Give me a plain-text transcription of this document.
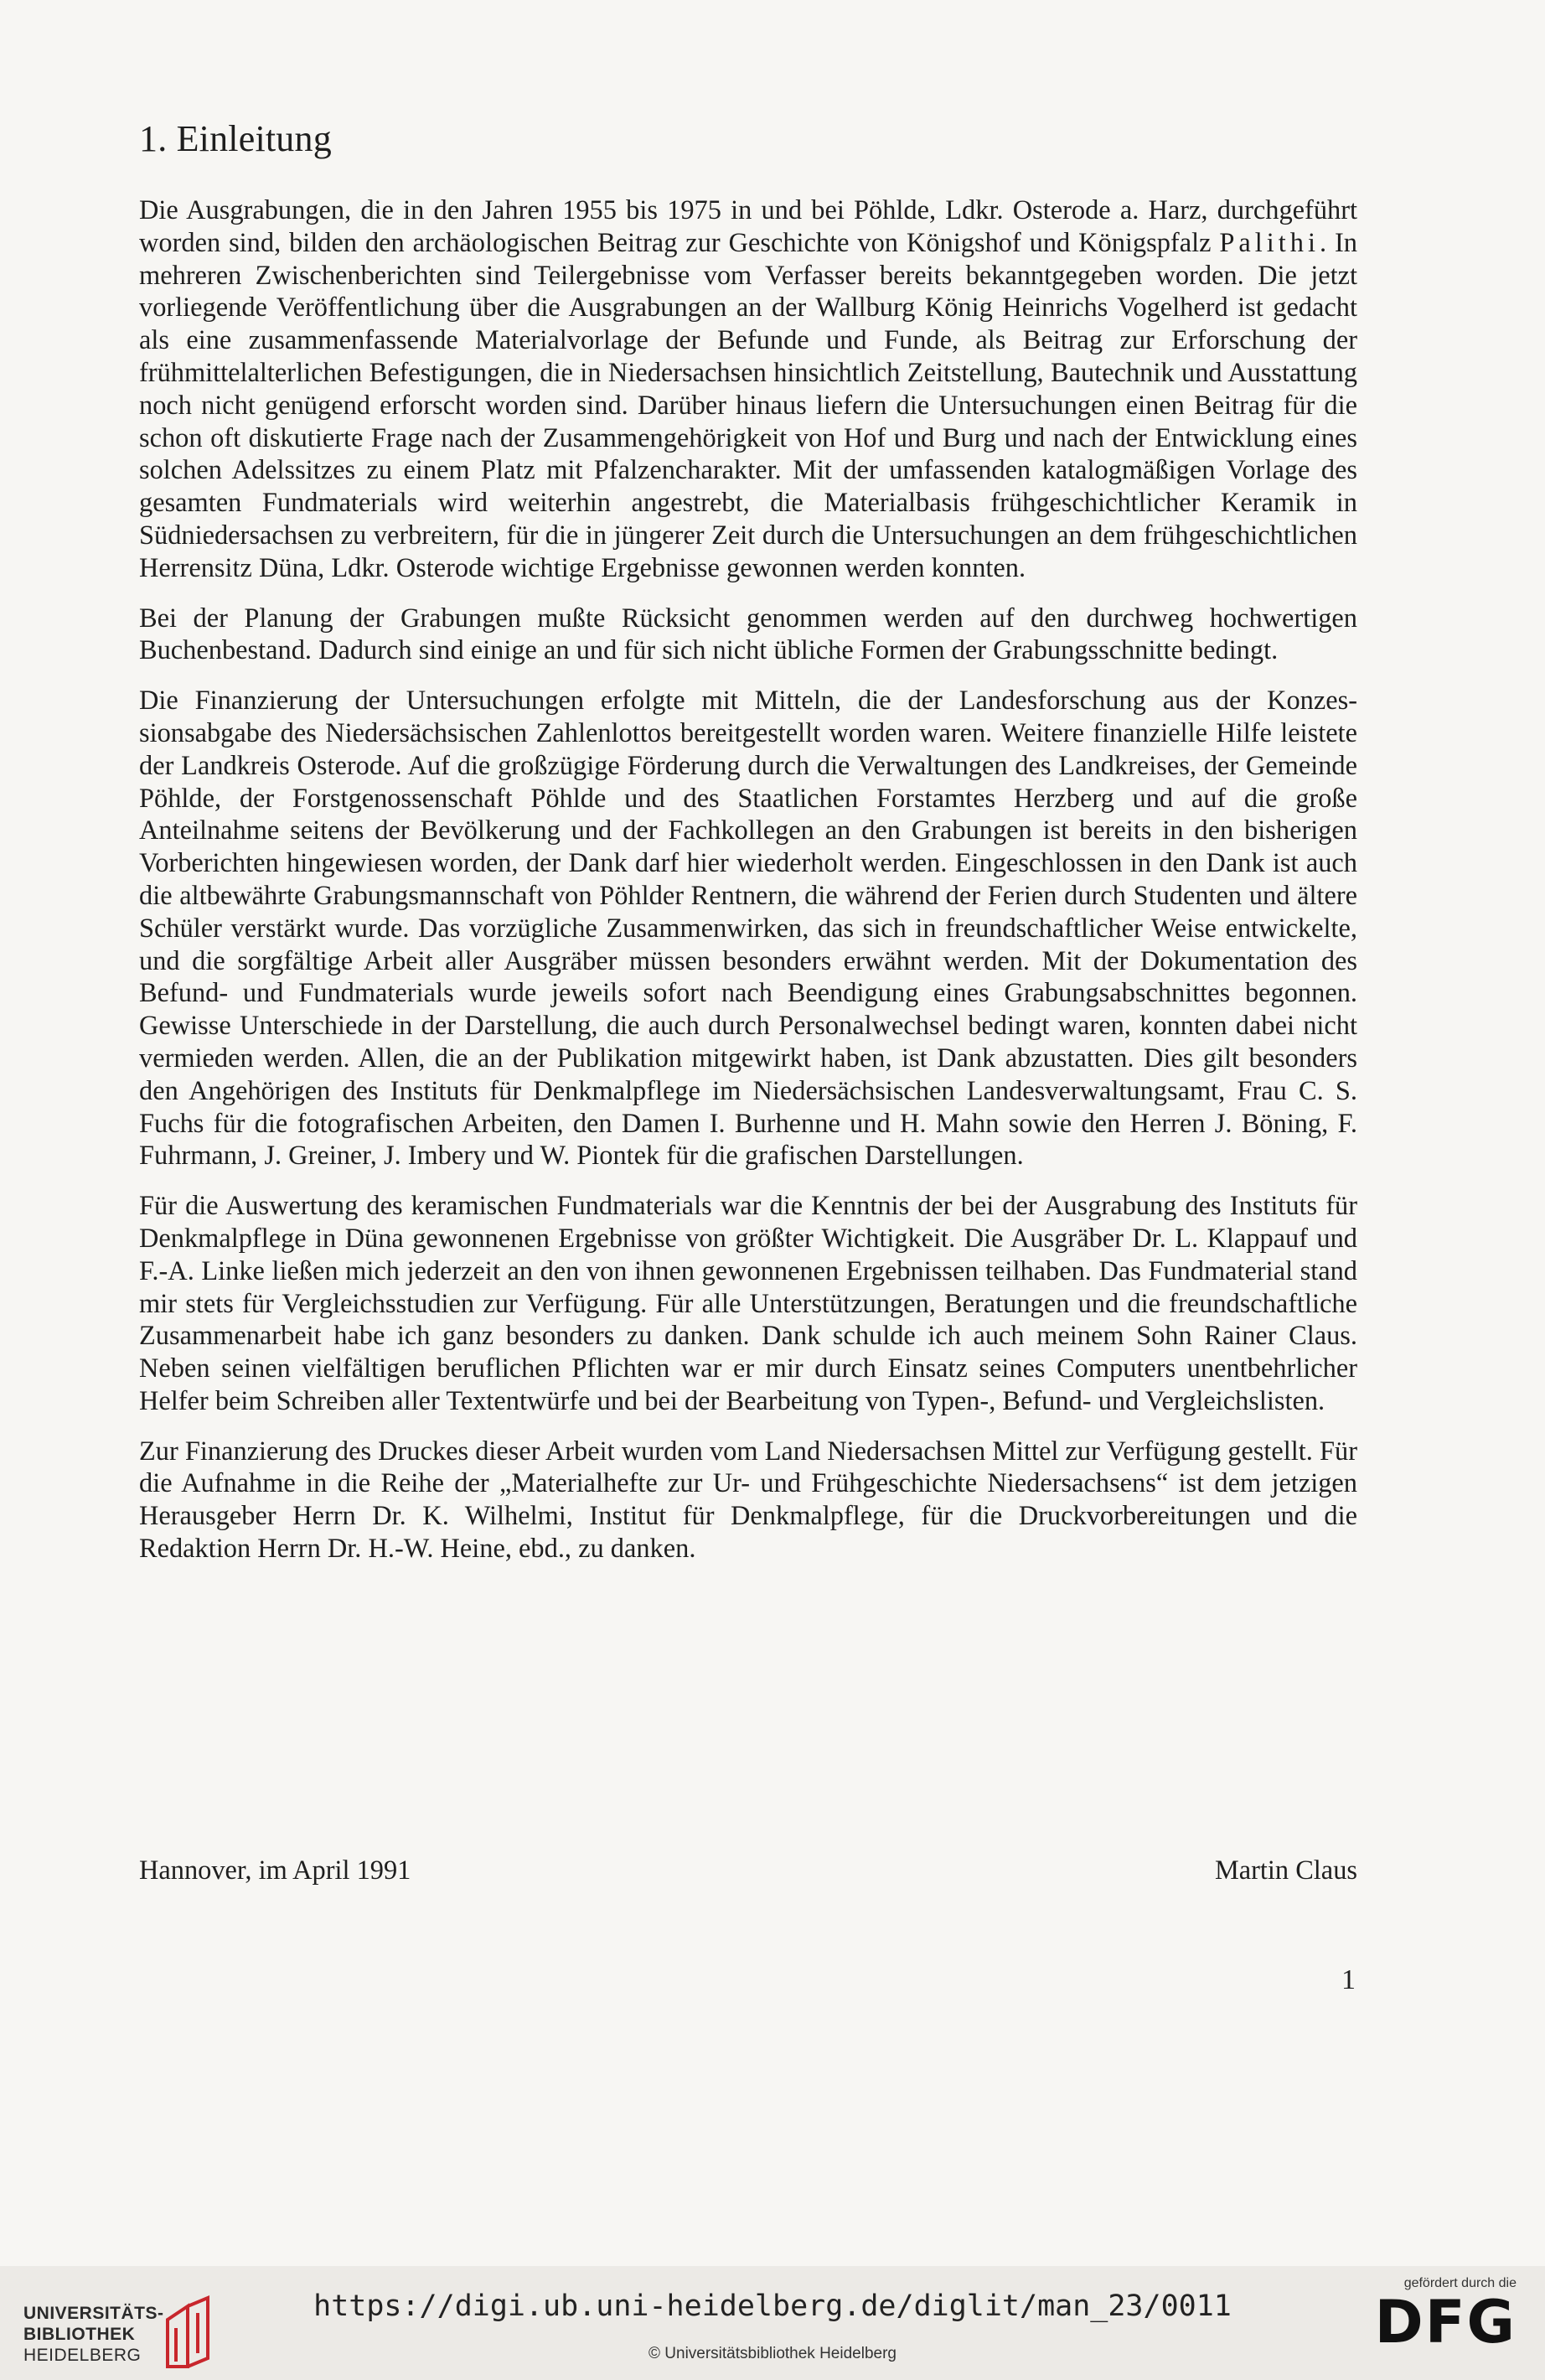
1. Einleitung

Die Ausgrabungen, die in den Jahren 1955 bis 1975 in und bei Pöhlde, Ldkr. Osterode a. Harz, durchgeführt worden sind, bilden den archäologischen Beitrag zur Geschichte von Königshof und Königspfalz Palithi. In mehreren Zwischenberichten sind Teilergebnisse vom Verfasser bereits bekanntgegeben worden. Die jetzt vorliegende Veröffentlichung über die Ausgrabungen an der Wallburg König Heinrichs Vogelherd ist gedacht als eine zusammenfassende Materialvorlage der Befunde und Funde, als Beitrag zur Erforschung der frühmittelalterlichen Befestigungen, die in Niedersachsen hinsichtlich Zeitstellung, Bautechnik und Ausstattung noch nicht genügend erforscht worden sind. Darüber hinaus liefern die Untersuchungen einen Beitrag für die schon oft diskutierte Frage nach der Zusammengehörigkeit von Hof und Burg und nach der Entwicklung eines solchen Adelssitzes zu einem Platz mit Pfalzencharakter. Mit der umfassenden katalogmäßigen Vorlage des gesamten Fundmaterials wird weiterhin angestrebt, die Materialbasis frühgeschichtlicher Keramik in Südniedersachsen zu verbreitern, für die in jüngerer Zeit durch die Untersuchungen an dem frühgeschichtlichen Herrensitz Düna, Ldkr. Osterode wichtige Ergebnisse gewonnen werden konnten.

Bei der Planung der Grabungen mußte Rücksicht genommen werden auf den durchweg hochwertigen Buchenbestand. Dadurch sind einige an und für sich nicht übliche Formen der Grabungsschnitte bedingt.

Die Finanzierung der Untersuchungen erfolgte mit Mitteln, die der Landesforschung aus der Konzessionsabgabe des Niedersächsischen Zahlenlottos bereitgestellt worden waren. Weitere finanzielle Hilfe leistete der Landkreis Osterode. Auf die großzügige Förderung durch die Verwaltungen des Landkreises, der Gemeinde Pöhlde, der Forstgenossenschaft Pöhlde und des Staatlichen Forstamtes Herzberg und auf die große Anteilnahme seitens der Bevölkerung und der Fachkollegen an den Grabungen ist bereits in den bisherigen Vorberichten hingewiesen worden, der Dank darf hier wiederholt werden. Eingeschlossen in den Dank ist auch die altbewährte Grabungsmannschaft von Pöhlder Rentnern, die während der Ferien durch Studenten und ältere Schüler verstärkt wurde. Das vorzügliche Zusammenwirken, das sich in freundschaftlicher Weise entwickelte, und die sorgfältige Arbeit aller Ausgräber müssen besonders erwähnt werden. Mit der Dokumentation des Befund- und Fundmaterials wurde jeweils sofort nach Beendigung eines Grabungsabschnittes begonnen. Gewisse Unterschiede in der Darstellung, die auch durch Personalwechsel bedingt waren, konnten dabei nicht vermieden werden. Allen, die an der Publikation mitgewirkt haben, ist Dank abzustatten. Dies gilt besonders den Angehörigen des Instituts für Denkmalpflege im Niedersächsischen Landesverwaltungsamt, Frau C. S. Fuchs für die fotografischen Arbeiten, den Damen I. Burhenne und H. Mahn sowie den Herren J. Böning, F. Fuhrmann, J. Greiner, J. Imbery und W. Piontek für die grafischen Darstellungen.

Für die Auswertung des keramischen Fundmaterials war die Kenntnis der bei der Ausgrabung des Instituts für Denkmalpflege in Düna gewonnenen Ergebnisse von größter Wichtigkeit. Die Ausgräber Dr. L. Klappauf und F.-A. Linke ließen mich jederzeit an den von ihnen gewonnenen Ergebnissen teilhaben. Das Fundmaterial stand mir stets für Vergleichsstudien zur Verfügung. Für alle Unterstützungen, Beratungen und die freundschaftliche Zusammenarbeit habe ich ganz besonders zu danken. Dank schulde ich auch meinem Sohn Rainer Claus. Neben seinen vielfältigen beruflichen Pflichten war er mir durch Einsatz seines Computers unentbehrlicher Helfer beim Schreiben aller Textentwürfe und bei der Bearbeitung von Typen-, Befund- und Vergleichslisten.

Zur Finanzierung des Druckes dieser Arbeit wurden vom Land Niedersachsen Mittel zur Verfügung gestellt. Für die Aufnahme in die Reihe der „Materialhefte zur Ur- und Frühgeschichte Niedersachsens“ ist dem jetzigen Herausgeber Herrn Dr. K. Wilhelmi, Institut für Denkmalpflege, für die Druckvorbereitungen und die Redaktion Herrn Dr. H.-W. Heine, ebd., zu danken.

Hannover, im April 1991	Martin Claus
1
UNIVERSITÄTS-
BIBLIOTHEK
HEIDELBERG
https://digi.ub.uni-heidelberg.de/diglit/man_23/0011
© Universitätsbibliothek Heidelberg
gefördert durch die
DFG
